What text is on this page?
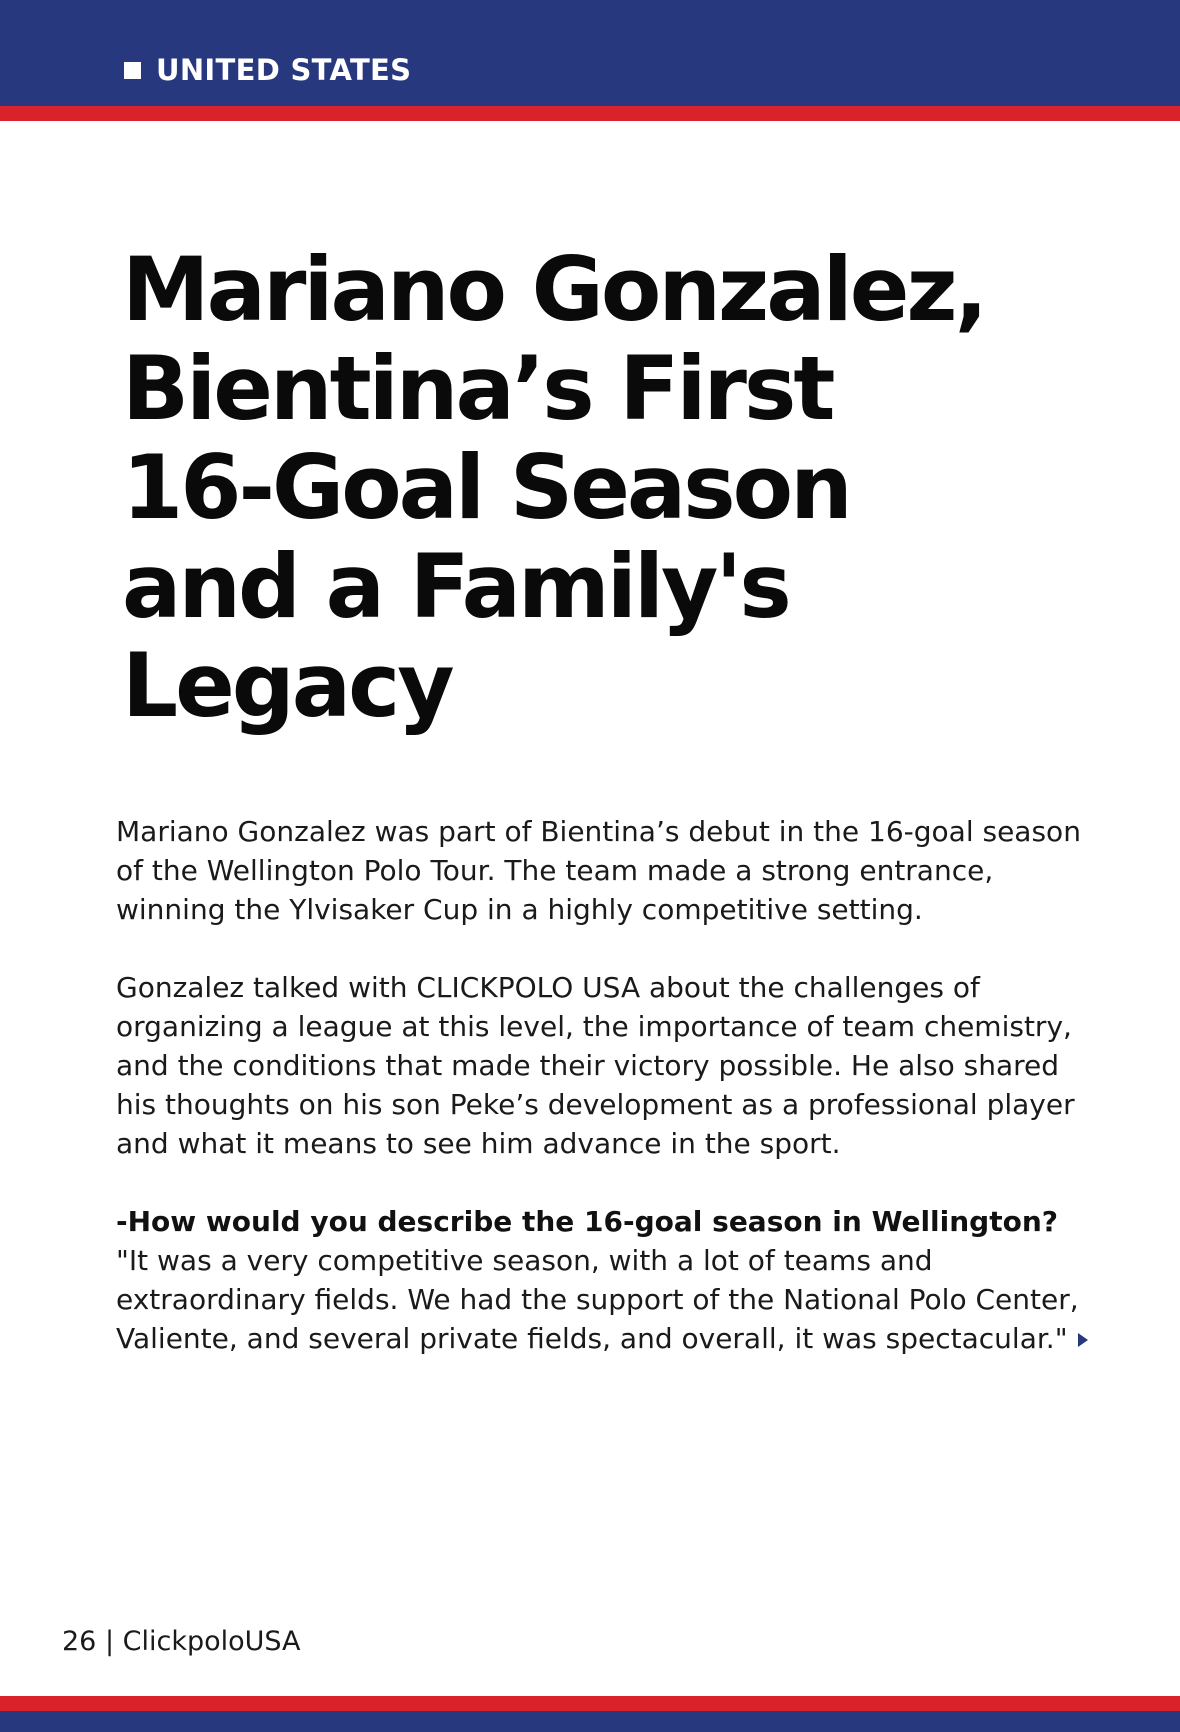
UNITED STATES
Mariano Gonzalez,
Bientina’s First
16-Goal Season
and a Family's
Legacy

Mariano Gonzalez was part of Bientina’s debut in the 16-goal season of the Wellington Polo Tour. The team made a strong entrance, winning the Ylvisaker Cup in a highly competitive setting.

Gonzalez talked with CLICKPOLO USA about the challenges of organizing a league at this level, the importance of team chemistry, and the conditions that made their victory possible. He also shared his thoughts on his son Peke’s development as a professional player and what it means to see him advance in the sport.

-How would you describe the 16-goal season in Wellington?

"It was a very competitive season, with a lot of teams and extraordinary fields. We had the support of the National Polo Center, Valiente, and several private fields, and overall, it was spectacular."

26 | ClickpoloUSA
